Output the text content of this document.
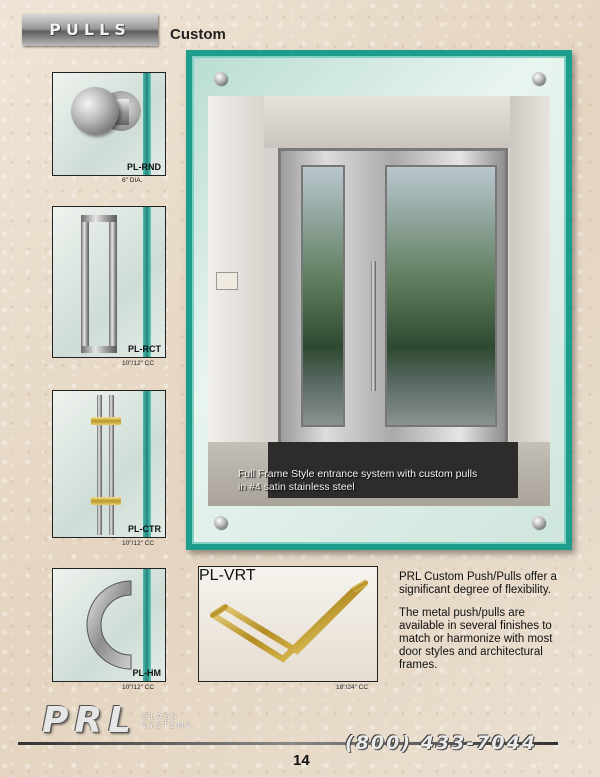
PULLS	Custom
PL-RND
6" DIA.
PL-RCT
10"/12" CC
PL-CTR
10"/12" CC
PL-HM
10"/12" CC
Full Frame Style entrance system with custom pulls in #4 satin stainless steel
PL-VRT
18"/24" CC

PRL Custom Push/Pulls offer a significant degree of flexibility.

The metal push/pulls are available in several finishes to match or harmonize with most door styles and architectural frames.

PRL GLASS
SYSTEMS
(800) 433-7044
14
